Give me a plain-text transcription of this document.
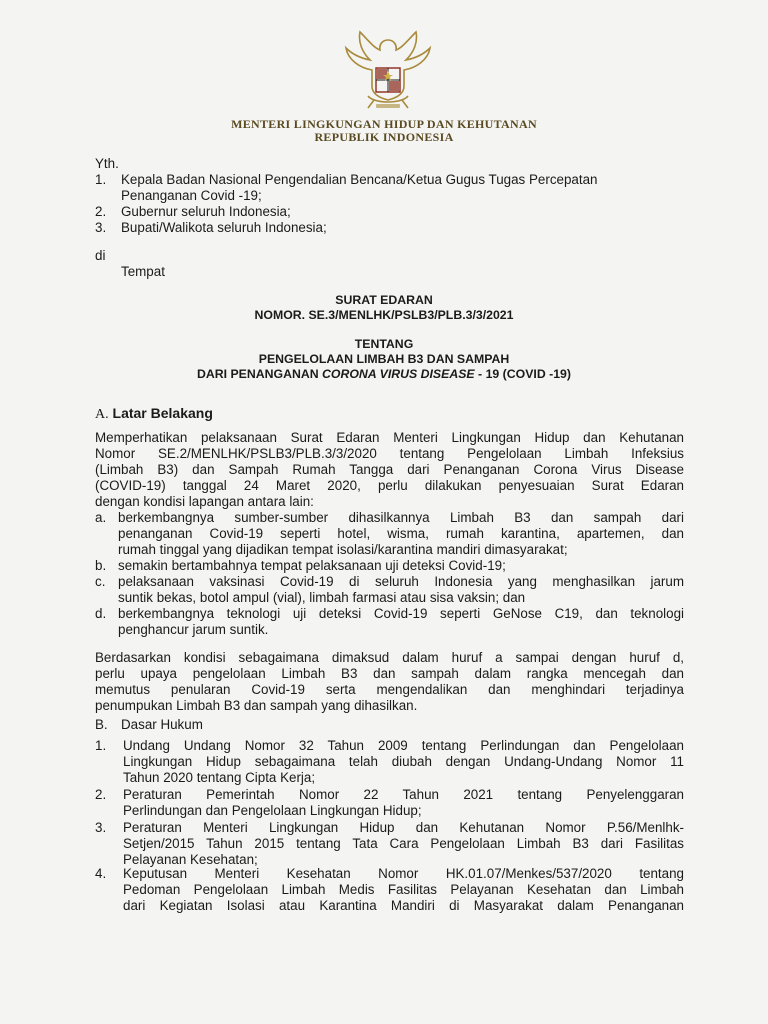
MENTERI LINGKUNGAN HIDUP DAN KEHUTANAN
REPUBLIK INDONESIA
Yth.
1. Kepala Badan Nasional Pengendalian Bencana/Ketua Gugus Tugas Percepatan
Penanganan Covid -19;
2. Gubernur seluruh Indonesia;
3. Bupati/Walikota seluruh Indonesia;
di
Tempat
SURAT EDARAN
NOMOR. SE.3/MENLHK/PSLB3/PLB.3/3/2021
TENTANG
PENGELOLAAN LIMBAH B3 DAN SAMPAH
DARI PENANGANAN CORONA VIRUS DISEASE - 19 (COVID -19)
A. Latar Belakang
Memperhatikan pelaksanaan Surat Edaran Menteri Lingkungan Hidup dan Kehutanan
Nomor SE.2/MENLHK/PSLB3/PLB.3/3/2020 tentang Pengelolaan Limbah Infeksius
(Limbah B3) dan Sampah Rumah Tangga dari Penanganan Corona Virus Disease
(COVID-19) tanggal 24 Maret 2020, perlu dilakukan penyesuaian Surat Edaran
dengan kondisi lapangan antara lain:
a. berkembangnya sumber-sumber dihasilkannya Limbah B3 dan sampah dari
penanganan Covid-19 seperti hotel, wisma, rumah karantina, apartemen, dan
rumah tinggal yang dijadikan tempat isolasi/karantina mandiri dimasyarakat;
b. semakin bertambahnya tempat pelaksanaan uji deteksi Covid-19;
c. pelaksanaan vaksinasi Covid-19 di seluruh Indonesia yang menghasilkan jarum
suntik bekas, botol ampul (vial), limbah farmasi atau sisa vaksin; dan
d. berkembangnya teknologi uji deteksi Covid-19 seperti GeNose C19, dan teknologi
penghancur jarum suntik.
Berdasarkan kondisi sebagaimana dimaksud dalam huruf a sampai dengan huruf d,
perlu upaya pengelolaan Limbah B3 dan sampah dalam rangka mencegah dan
memutus penularan Covid-19 serta mengendalikan dan menghindari terjadinya
penumpukan Limbah B3 dan sampah yang dihasilkan.
B. Dasar Hukum
1. Undang Undang Nomor 32 Tahun 2009 tentang Perlindungan dan Pengelolaan
Lingkungan Hidup sebagaimana telah diubah dengan Undang-Undang Nomor 11
Tahun 2020 tentang Cipta Kerja;
2. Peraturan Pemerintah Nomor 22 Tahun 2021 tentang Penyelenggaran
Perlindungan dan Pengelolaan Lingkungan Hidup;
3. Peraturan Menteri Lingkungan Hidup dan Kehutanan Nomor P.56/Menlhk-
Setjen/2015 Tahun 2015 tentang Tata Cara Pengelolaan Limbah B3 dari Fasilitas
Pelayanan Kesehatan;
4. Keputusan Menteri Kesehatan Nomor HK.01.07/Menkes/537/2020 tentang
Pedoman Pengelolaan Limbah Medis Fasilitas Pelayanan Kesehatan dan Limbah
dari Kegiatan Isolasi atau Karantina Mandiri di Masyarakat dalam Penanganan
